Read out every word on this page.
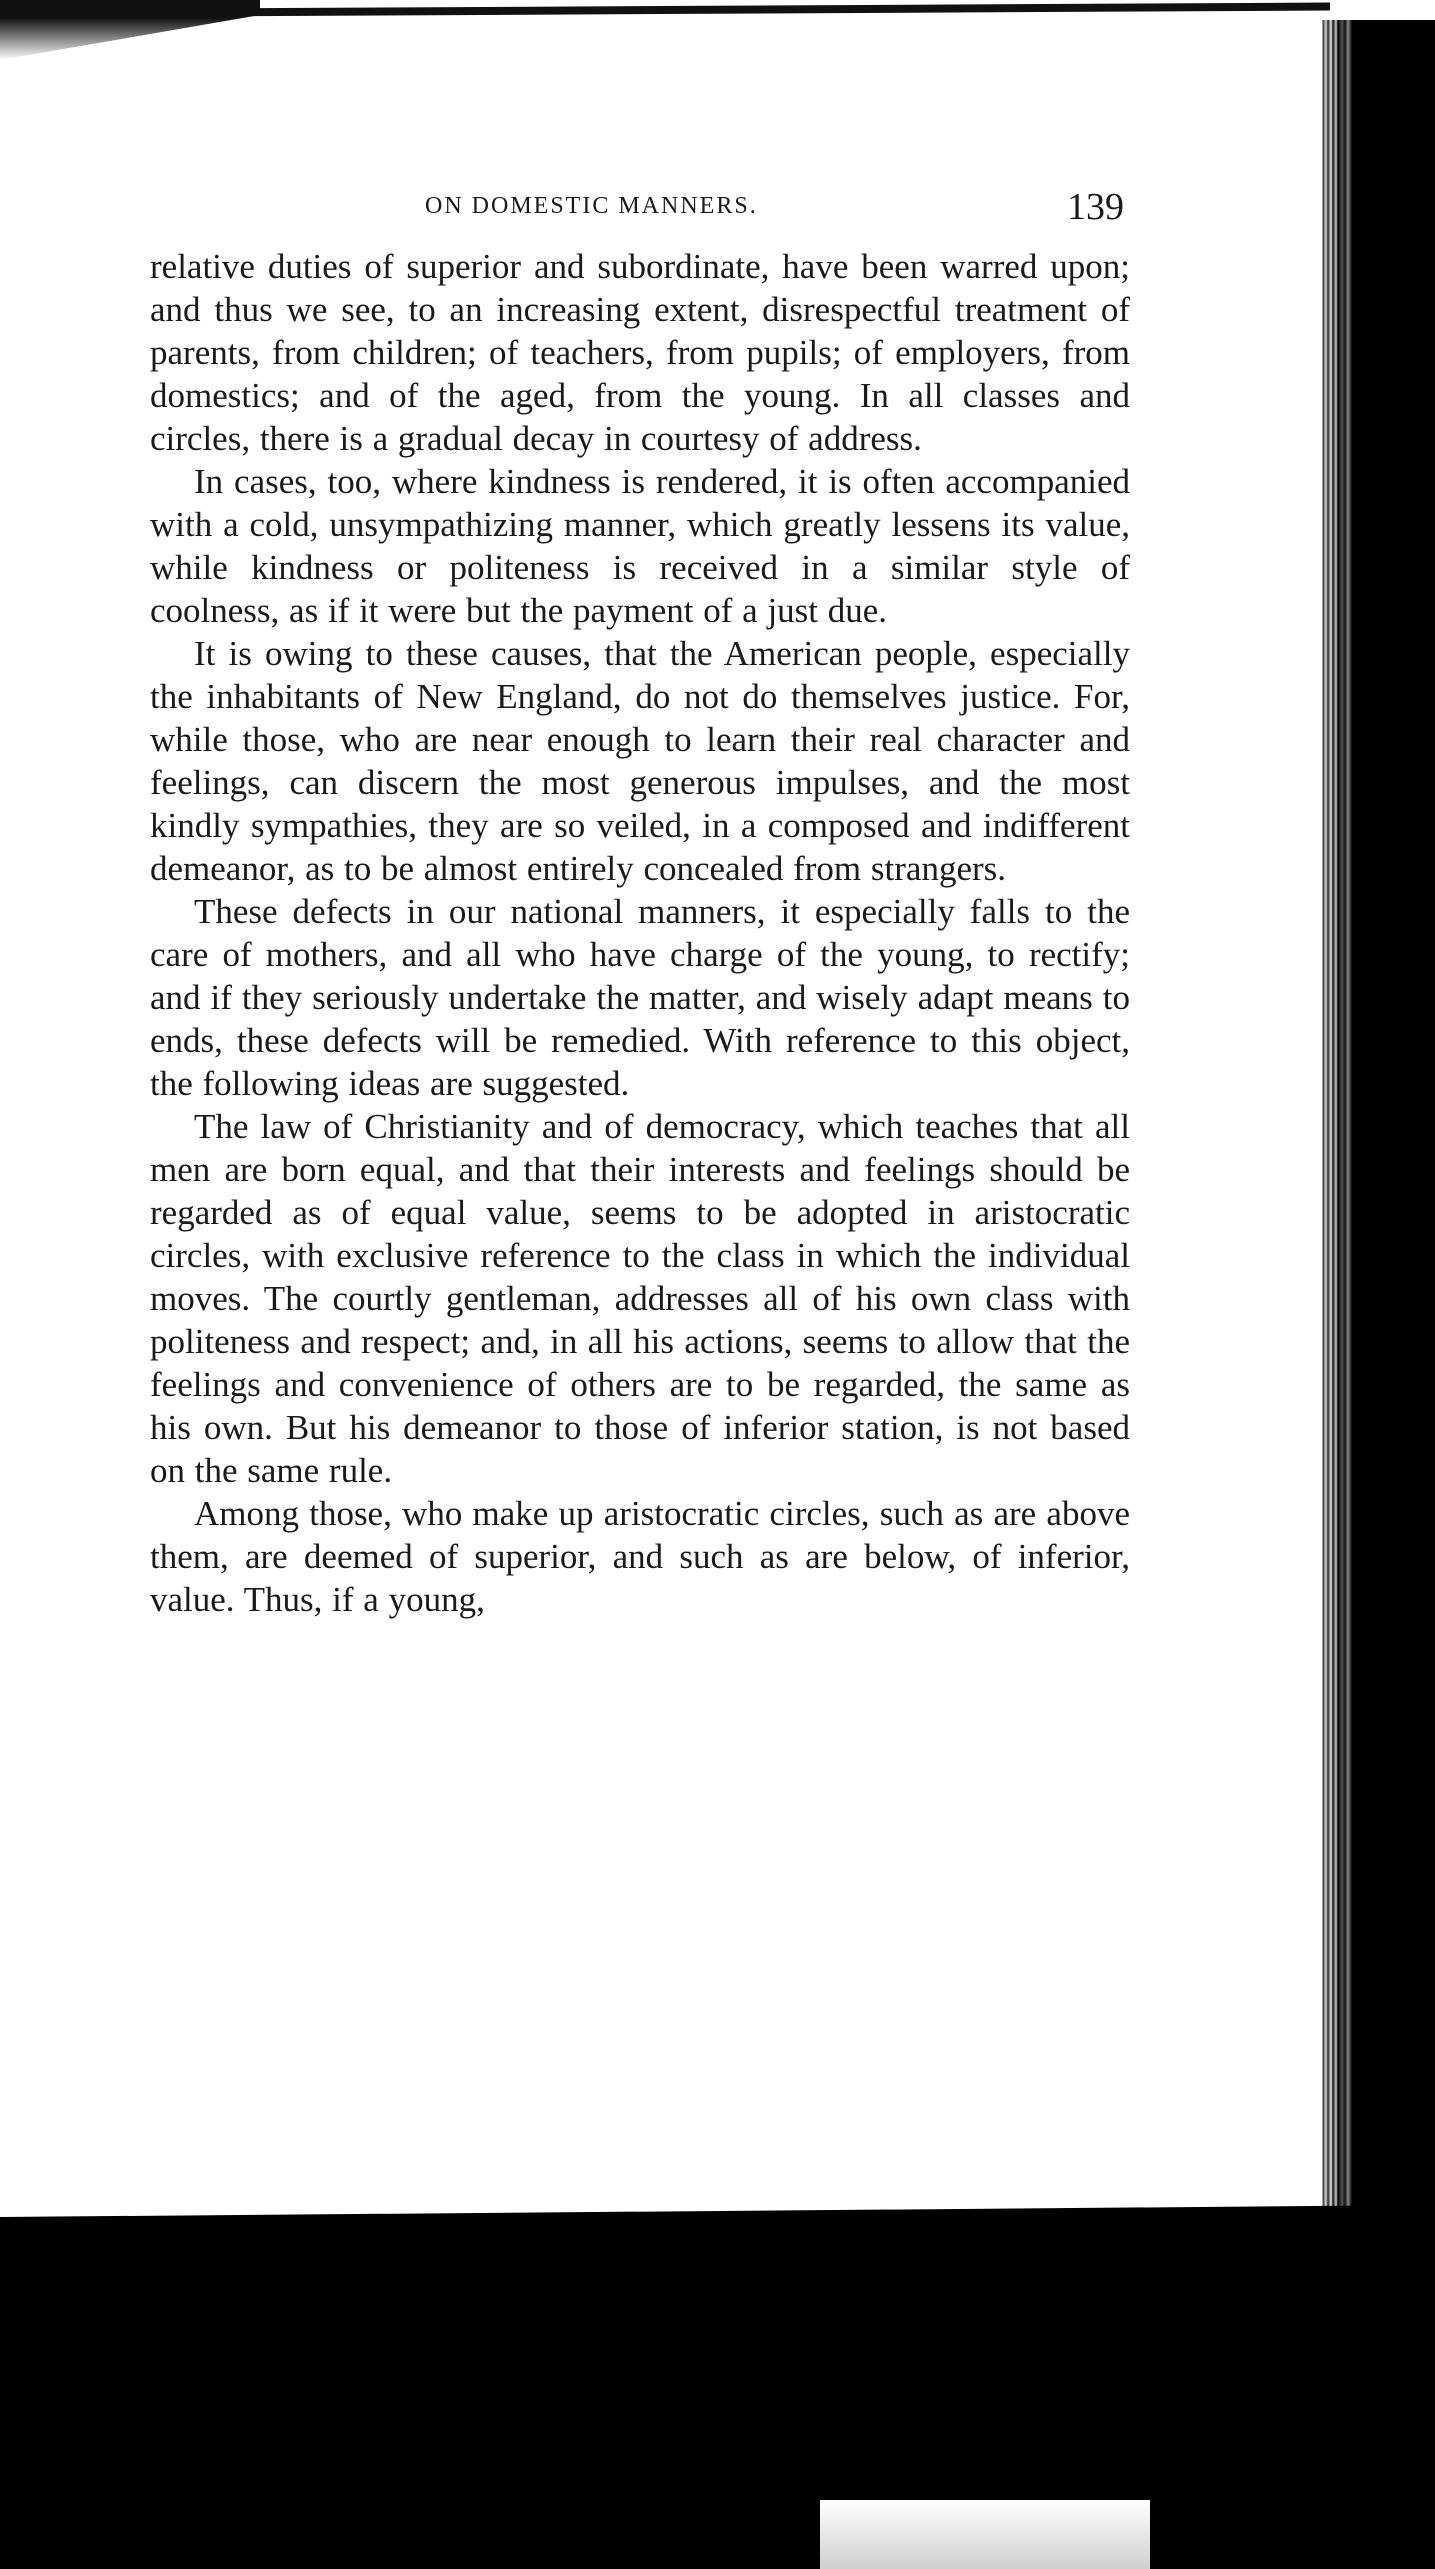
ON DOMESTIC MANNERS.	139

relative duties of superior and subordinate, have been warred upon; and thus we see, to an increasing extent, disrespectful treatment of parents, from children; of teachers, from pupils; of employers, from domestics; and of the aged, from the young. In all classes and circles, there is a gradual decay in courtesy of address.

In cases, too, where kindness is rendered, it is often accompanied with a cold, unsympathizing manner, which greatly lessens its value, while kindness or politeness is received in a similar style of coolness, as if it were but the payment of a just due.

It is owing to these causes, that the American people, especially the inhabitants of New England, do not do themselves justice. For, while those, who are near enough to learn their real character and feelings, can discern the most generous impulses, and the most kindly sympathies, they are so veiled, in a composed and indifferent demeanor, as to be almost entirely concealed from strangers.

These defects in our national manners, it especially falls to the care of mothers, and all who have charge of the young, to rectify; and if they seriously undertake the matter, and wisely adapt means to ends, these defects will be remedied. With reference to this object, the following ideas are suggested.

The law of Christianity and of democracy, which teaches that all men are born equal, and that their interests and feelings should be regarded as of equal value, seems to be adopted in aristocratic circles, with exclusive reference to the class in which the individual moves. The courtly gentleman, addresses all of his own class with politeness and respect; and, in all his actions, seems to allow that the feelings and convenience of others are to be regarded, the same as his own. But his demeanor to those of inferior station, is not based on the same rule.

Among those, who make up aristocratic circles, such as are above them, are deemed of superior, and such as are below, of inferior, value. Thus, if a young,
